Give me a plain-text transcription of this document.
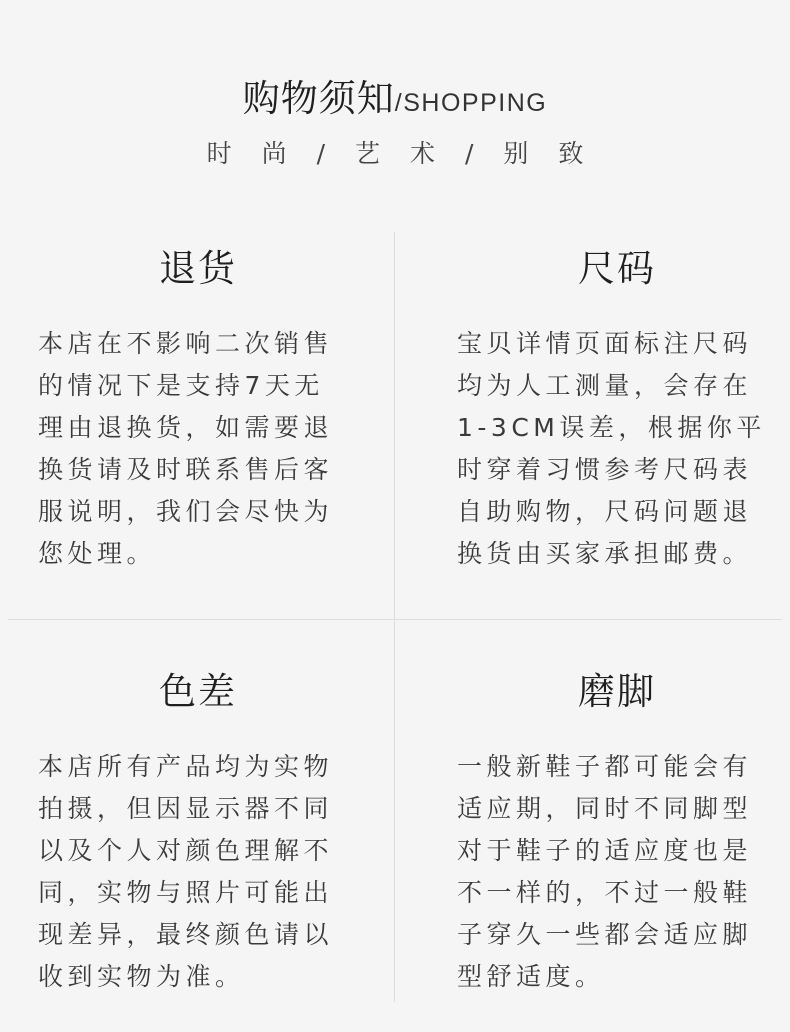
购物须知/SHOPPING
时尚/艺术/别致
退货
本店在不影响二次销售
的情况下是支持7天无
理由退换货，如需要退
换货请及时联系售后客
服说明，我们会尽快为
您处理。
尺码
宝贝详情页面标注尺码
均为人工测量，会存在
1-3CM误差，根据你平
时穿着习惯参考尺码表
自助购物，尺码问题退
换货由买家承担邮费。
色差
本店所有产品均为实物
拍摄，但因显示器不同
以及个人对颜色理解不
同，实物与照片可能出
现差异，最终颜色请以
收到实物为准。
磨脚
一般新鞋子都可能会有
适应期，同时不同脚型
对于鞋子的适应度也是
不一样的，不过一般鞋
子穿久一些都会适应脚
型舒适度。
